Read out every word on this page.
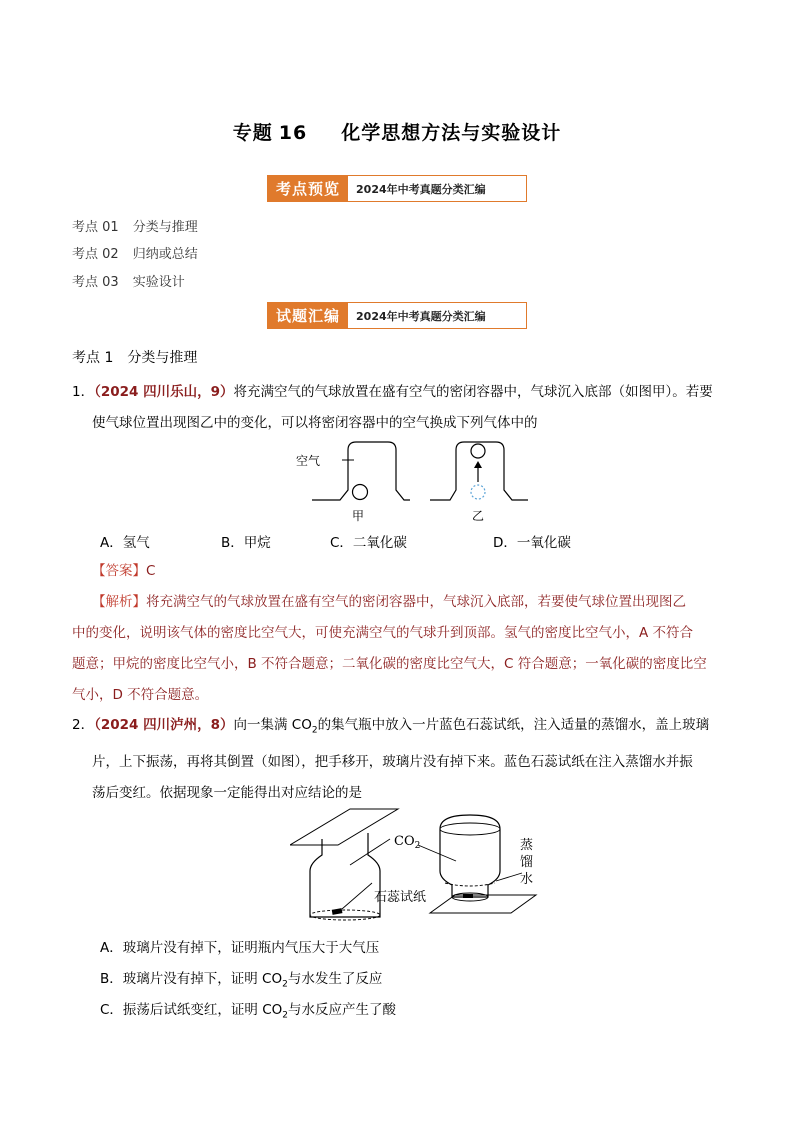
专题 16 化学思想方法与实验设计
考点预览	2024年中考真题分类汇编
考点 01 分类与推理
考点 02 归纳或总结
考点 03 实验设计
试题汇编	2024年中考真题分类汇编
考点 1 分类与推理
1．（2024 四川乐山，9）将充满空气的气球放置在盛有空气的密闭容器中，气球沉入底部（如图甲）。若要
使气球位置出现图乙中的变化，可以将密闭容器中的空气换成下列气体中的
空气
甲	乙
A．氢气	B．甲烷	C．二氧化碳	D．一氧化碳
【答案】C
【解析】将充满空气的气球放置在盛有空气的密闭容器中，气球沉入底部，若要使气球位置出现图乙
中的变化，说明该气体的密度比空气大，可使充满空气的气球升到顶部。氢气的密度比空气小，A 不符合
题意；甲烷的密度比空气小，B 不符合题意；二氧化碳的密度比空气大，C 符合题意；一氧化碳的密度比空
气小，D 不符合题意。
2．（2024 四川泸州，8）向一集满 $CO_2$的集气瓶中放入一片蓝色石蕊试纸，注入适量的蒸馏水，盖上玻璃
片，上下振荡，再将其倒置（如图），把手移开，玻璃片没有掉下来。蓝色石蕊试纸在注入蒸馏水并振
荡后变红。依据现象一定能得出对应结论的是
$CO_2$
石蕊试纸
蒸
馏
水
A．玻璃片没有掉下，证明瓶内气压大于大气压
B．玻璃片没有掉下，证明 $CO_2$与水发生了反应
C．振荡后试纸变红，证明 $CO_2$与水反应产生了酸
